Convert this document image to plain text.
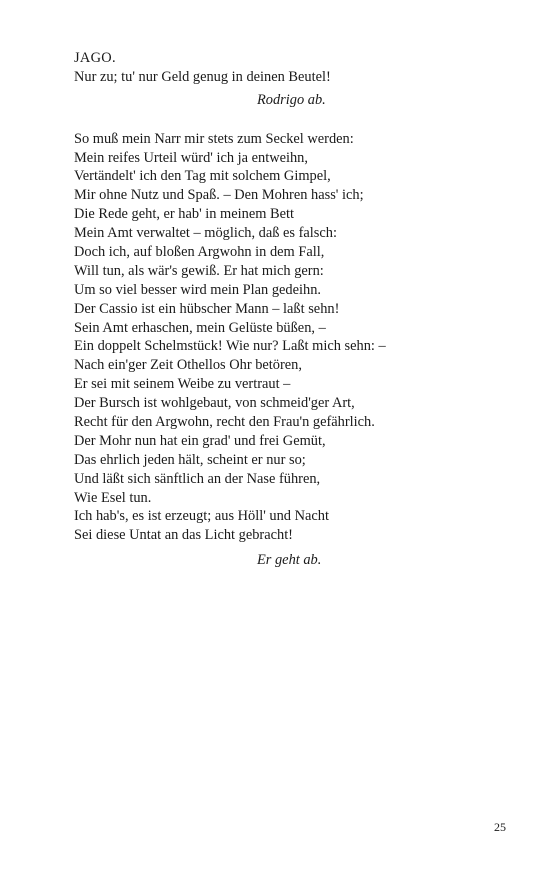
JAGO.
Nur zu; tu' nur Geld genug in deinen Beutel!
Rodrigo ab.
So muß mein Narr mir stets zum Seckel werden:
Mein reifes Urteil würd' ich ja entweihn,
Vertändelt' ich den Tag mit solchem Gimpel,
Mir ohne Nutz und Spaß. – Den Mohren hass' ich;
Die Rede geht, er hab' in meinem Bett
Mein Amt verwaltet – möglich, daß es falsch:
Doch ich, auf bloßen Argwohn in dem Fall,
Will tun, als wär's gewiß. Er hat mich gern:
Um so viel besser wird mein Plan gedeihn.
Der Cassio ist ein hübscher Mann – laßt sehn!
Sein Amt erhaschen, mein Gelüste büßen, –
Ein doppelt Schelmstück! Wie nur? Laßt mich sehn: –
Nach ein'ger Zeit Othellos Ohr betören,
Er sei mit seinem Weibe zu vertraut –
Der Bursch ist wohlgebaut, von schmeid'ger Art,
Recht für den Argwohn, recht den Frau'n gefährlich.
Der Mohr nun hat ein grad' und frei Gemüt,
Das ehrlich jeden hält, scheint er nur so;
Und läßt sich sänftlich an der Nase führen,
Wie Esel tun.
Ich hab's, es ist erzeugt; aus Höll' und Nacht
Sei diese Untat an das Licht gebracht!
Er geht ab.
25
